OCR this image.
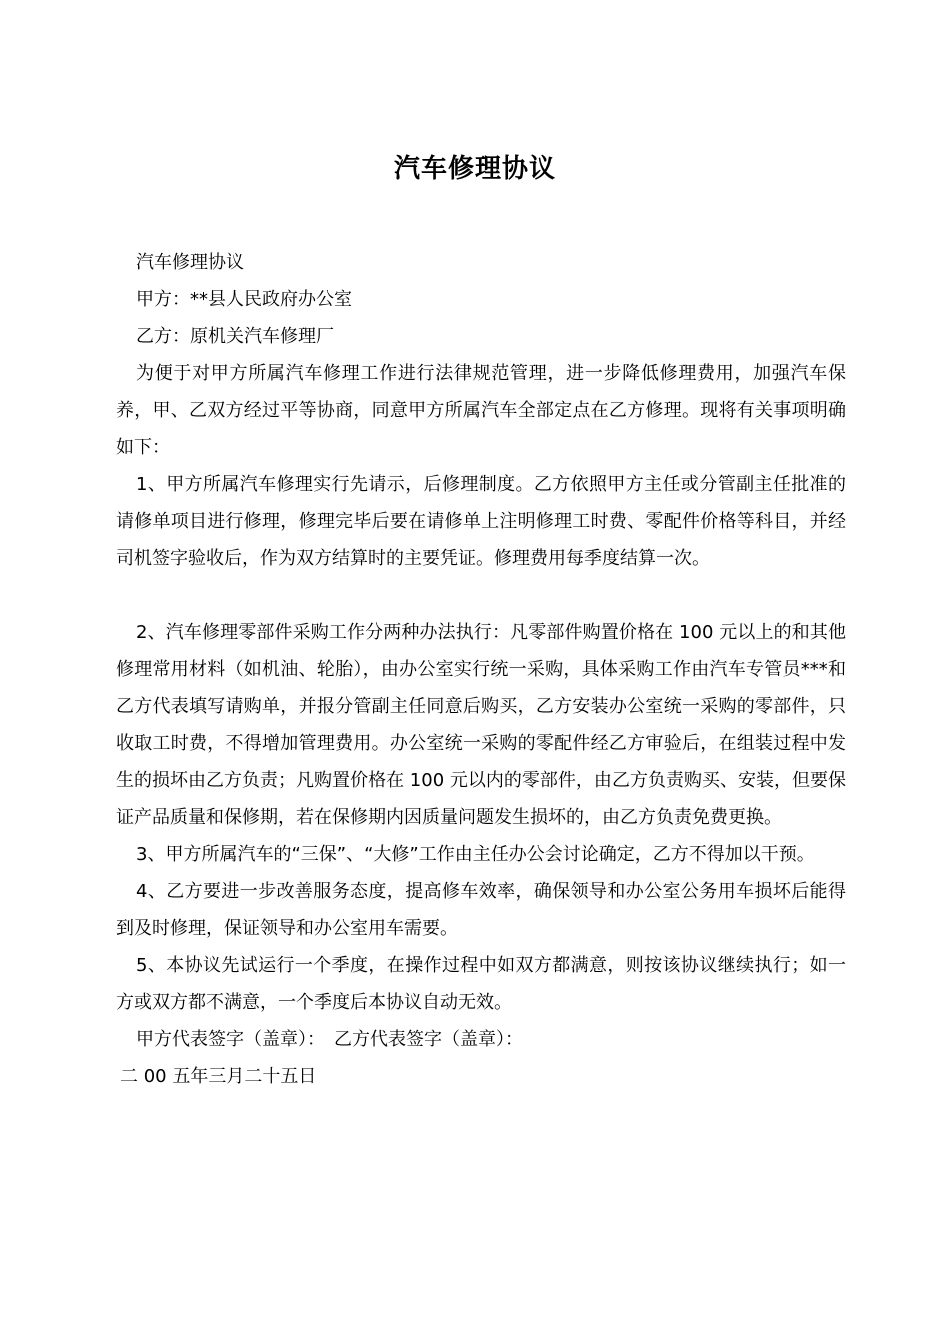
汽车修理协议

汽车修理协议

甲方：**县人民政府办公室

乙方：原机关汽车修理厂

为便于对甲方所属汽车修理工作进行法律规范管理，进一步降低修理费用，加强汽车保养，甲、乙双方经过平等协商，同意甲方所属汽车全部定点在乙方修理。现将有关事项明确如下：

1、甲方所属汽车修理实行先请示，后修理制度。乙方依照甲方主任或分管副主任批准的请修单项目进行修理，修理完毕后要在请修单上注明修理工时费、零配件价格等科目，并经司机签字验收后，作为双方结算时的主要凭证。修理费用每季度结算一次。

2、汽车修理零部件采购工作分两种办法执行：凡零部件购置价格在 100 元以上的和其他修理常用材料（如机油、轮胎），由办公室实行统一采购，具体采购工作由汽车专管员***和乙方代表填写请购单，并报分管副主任同意后购买，乙方安装办公室统一采购的零部件，只收取工时费，不得增加管理费用。办公室统一采购的零配件经乙方审验后，在组装过程中发生的损坏由乙方负责；凡购置价格在 100 元以内的零部件，由乙方负责购买、安装，但要保证产品质量和保修期，若在保修期内因质量问题发生损坏的，由乙方负责免费更换。

3、甲方所属汽车的“三保”、“大修”工作由主任办公会讨论确定，乙方不得加以干预。

4、乙方要进一步改善服务态度，提高修车效率，确保领导和办公室公务用车损坏后能得到及时修理，保证领导和办公室用车需要。

5、本协议先试运行一个季度，在操作过程中如双方都满意，则按该协议继续执行；如一方或双方都不满意，一个季度后本协议自动无效。

甲方代表签字（盖章）：　乙方代表签字（盖章）：

二 00 五年三月二十五日
